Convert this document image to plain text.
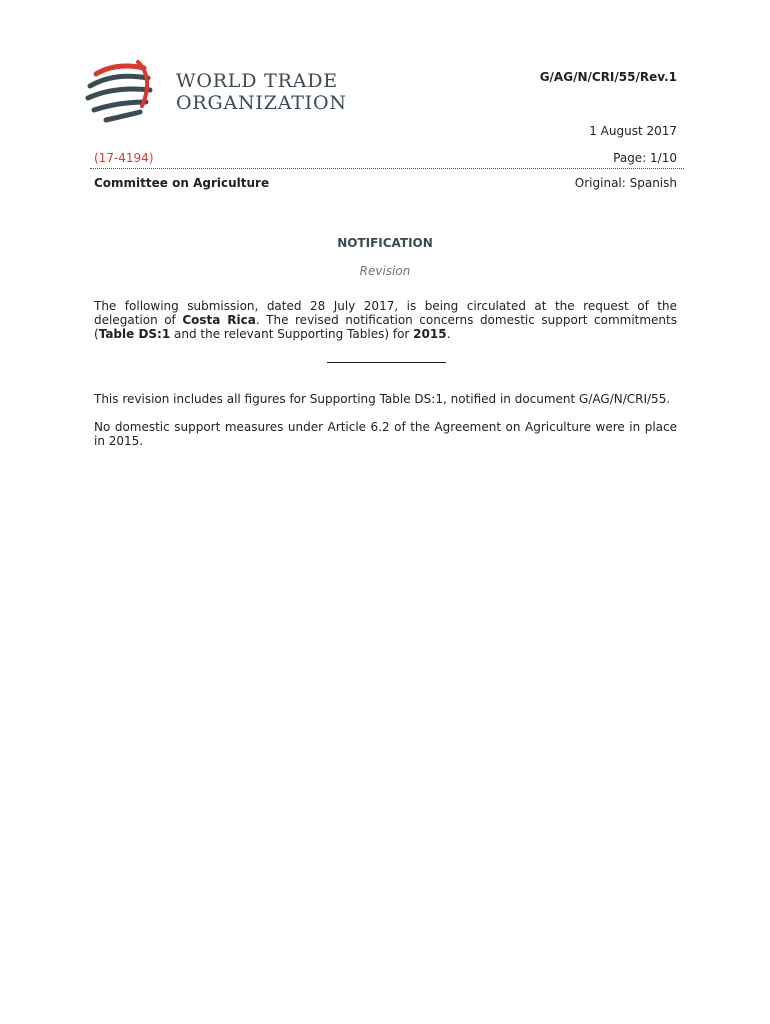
WORLD TRADE
ORGANIZATION
G/AG/N/CRI/55/Rev.1
1 August 2017
(17-4194)	Page: 1/10
Committee on Agriculture	Original: Spanish
NOTIFICATION
Revision
The following submission, dated 28 July 2017, is being circulated at the request of the delegation of Costa Rica. The revised notification concerns domestic support commitments (Table DS:1 and the relevant Supporting Tables) for 2015.
This revision includes all figures for Supporting Table DS:1, notified in document G/AG/N/CRI/55.
No domestic support measures under Article 6.2 of the Agreement on Agriculture were in place in 2015.
